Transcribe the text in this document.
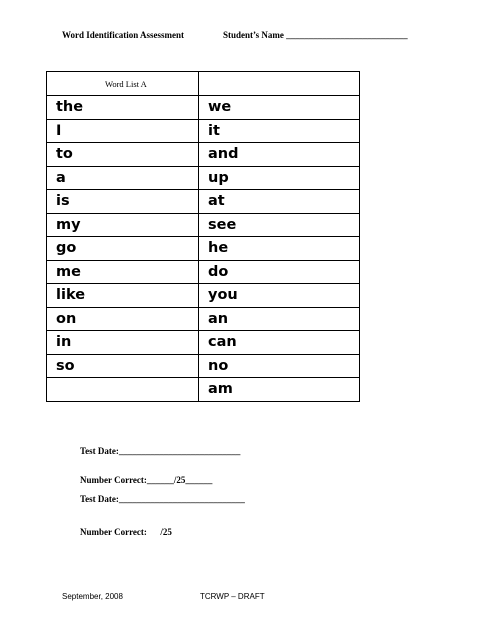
Word Identification Assessment	Student’s Name ___________________________
Word List A	
the	we
I	it
to	and
a	up
is	at
my	see
go	he
me	do
like	you
on	an
in	can
so	no
	am
Test Date:___________________________
Number Correct:______/25______
Test Date:____________________________
Number Correct:      /25
September, 2008	TCRWP – DRAFT
